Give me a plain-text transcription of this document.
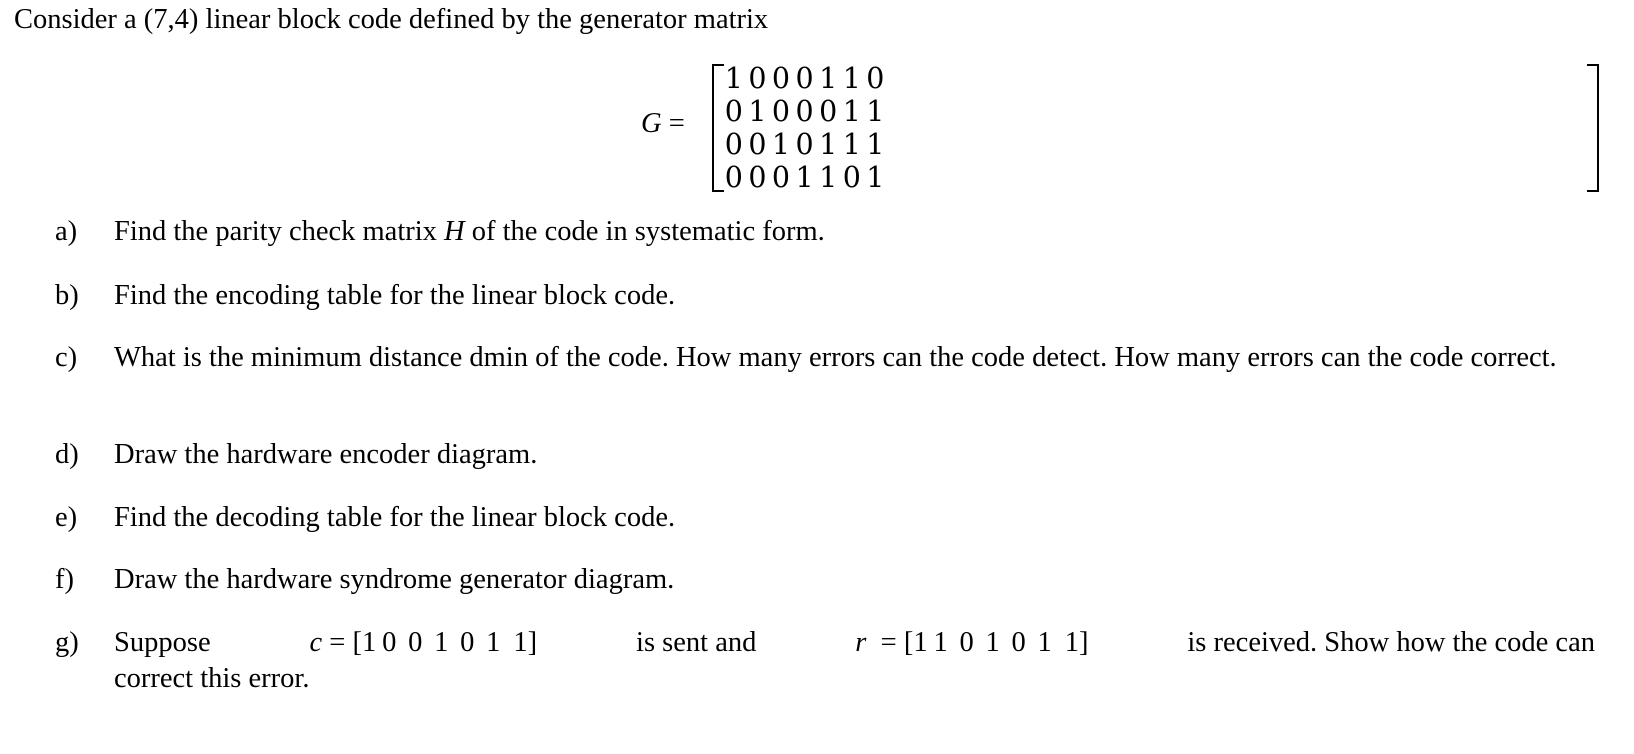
Consider a (7,4) linear block code defined by the generator matrix
G =
1 0 0 0 1 1 0
0 1 0 0 0 1 1
0 0 1 0 1 1 1
0 0 0 1 1 0 1
a)	Find the parity check matrix H of the code in systematic form.
b)	Find the encoding table for the linear block code.
c)	What is the minimum distance dmin of the code. How many errors can the code detect. How many errors can the code correct.
d)	Draw the hardware encoder diagram.
e)	Find the decoding table for the linear block code.
f)	Draw the hardware syndrome generator diagram.
g)	Suppose	c = [1 0 0 1 0 1 1]	is sent and	r = [1 1 0 1 0 1 1]	is received. Show how the code can
correct this error.
